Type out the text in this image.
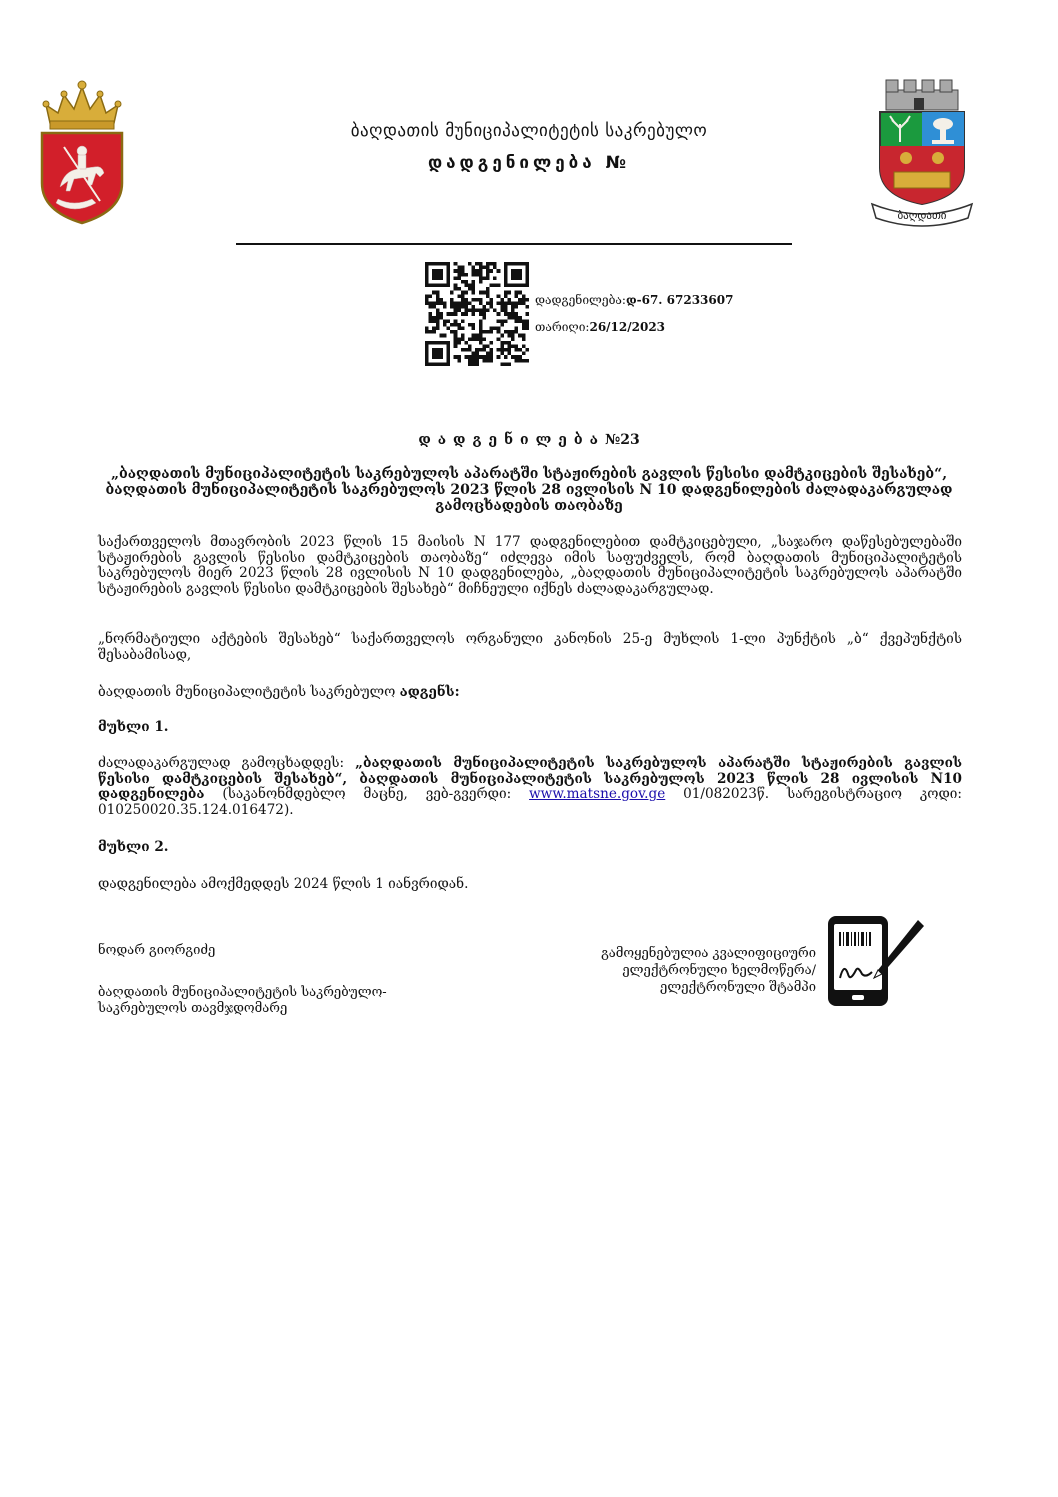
ბაღდათის მუნიციპალიტეტის საკრებულო
დადგენილება №
ბაღდათი
დადგენილება:დ-67. 67233607
თარიღი:26/12/2023
დადგენილება№23
„ბაღდათის მუნიციპალიტეტის საკრებულოს აპარატში სტაჟირების გავლის წესისი დამტკიცების შესახებ“, ბაღდათის მუნიციპალიტეტის საკრებულოს 2023 წლის 28 ივლისის N 10 დადგენილების ძალადაკარგულად გამოცხადების თაობაზე
საქართველოს მთავრობის 2023 წლის 15 მაისის N 177 დადგენილებით დამტკიცებული, „საჯარო დაწესებულებაში სტაჟირების გავლის წესისი დამტკიცების თაობაზე“ იძლევა იმის საფუძველს, რომ ბაღდათის მუნიციპალიტეტის საკრებულოს მიერ 2023 წლის 28 ივლისის N 10 დადგენილება, „ბაღდათის მუნიციპალიტეტის საკრებულოს აპარატში სტაჟირების გავლის წესისი დამტკიცების შესახებ“ მიჩნეული იქნეს ძალადაკარგულად.
„ნორმატიული აქტების შესახებ“ საქართველოს ორგანული კანონის 25-ე მუხლის 1-ლი პუნქტის „ბ“ ქვეპუნქტის შესაბამისად,
ბაღდათის მუნიციპალიტეტის საკრებულო ადგენს:
მუხლი 1.
ძალადაკარგულად გამოცხადდეს: „ბაღდათის მუნიციპალიტეტის საკრებულოს აპარატში სტაჟირების გავლის წესისი დამტკიცების შესახებ“, ბაღდათის მუნიციპალიტეტის საკრებულოს 2023 წლის 28 ივლისის N10 დადგენილება (საკანონმდებლო მაცნე, ვებ-გვერდი: www.matsne.gov.ge 01/082023წ. სარეგისტრაციო კოდი: 010250020.35.124.016472).
მუხლი 2.
დადგენილება ამოქმედდეს 2024 წლის 1 იანვრიდან.
ნოდარ გიორგიძე
ბაღდათის მუნიციპალიტეტის საკრებულო-
საკრებულოს თავმჯდომარე
გამოყენებულია კვალიფიციური
ელექტრონული ხელმოწერა/
ელექტრონული შტამპი
